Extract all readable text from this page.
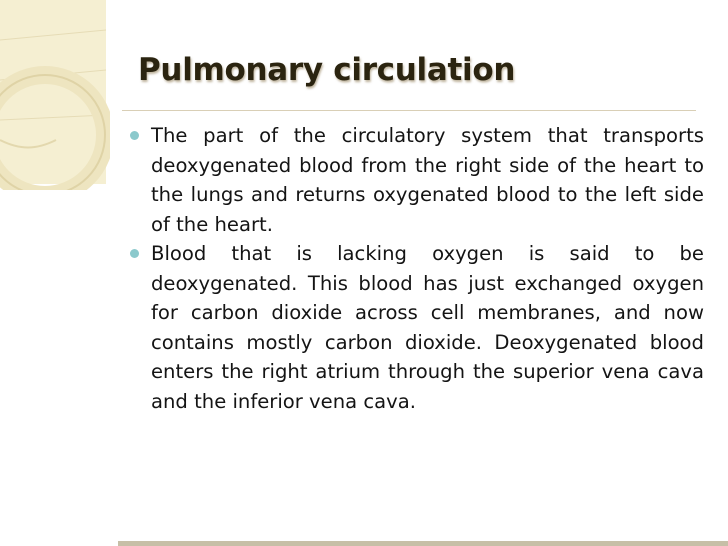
Pulmonary circulation
The part of the circulatory system that transports deoxygenated blood from the right side of the heart to the lungs and returns oxygenated blood to the left side of the heart.
Blood that is lacking oxygen is said to be deoxygenated. This blood has just exchanged oxygen for carbon dioxide across cell membranes, and now contains mostly carbon dioxide. Deoxygenated blood enters the right atrium through the superior vena cava and the inferior vena cava.
